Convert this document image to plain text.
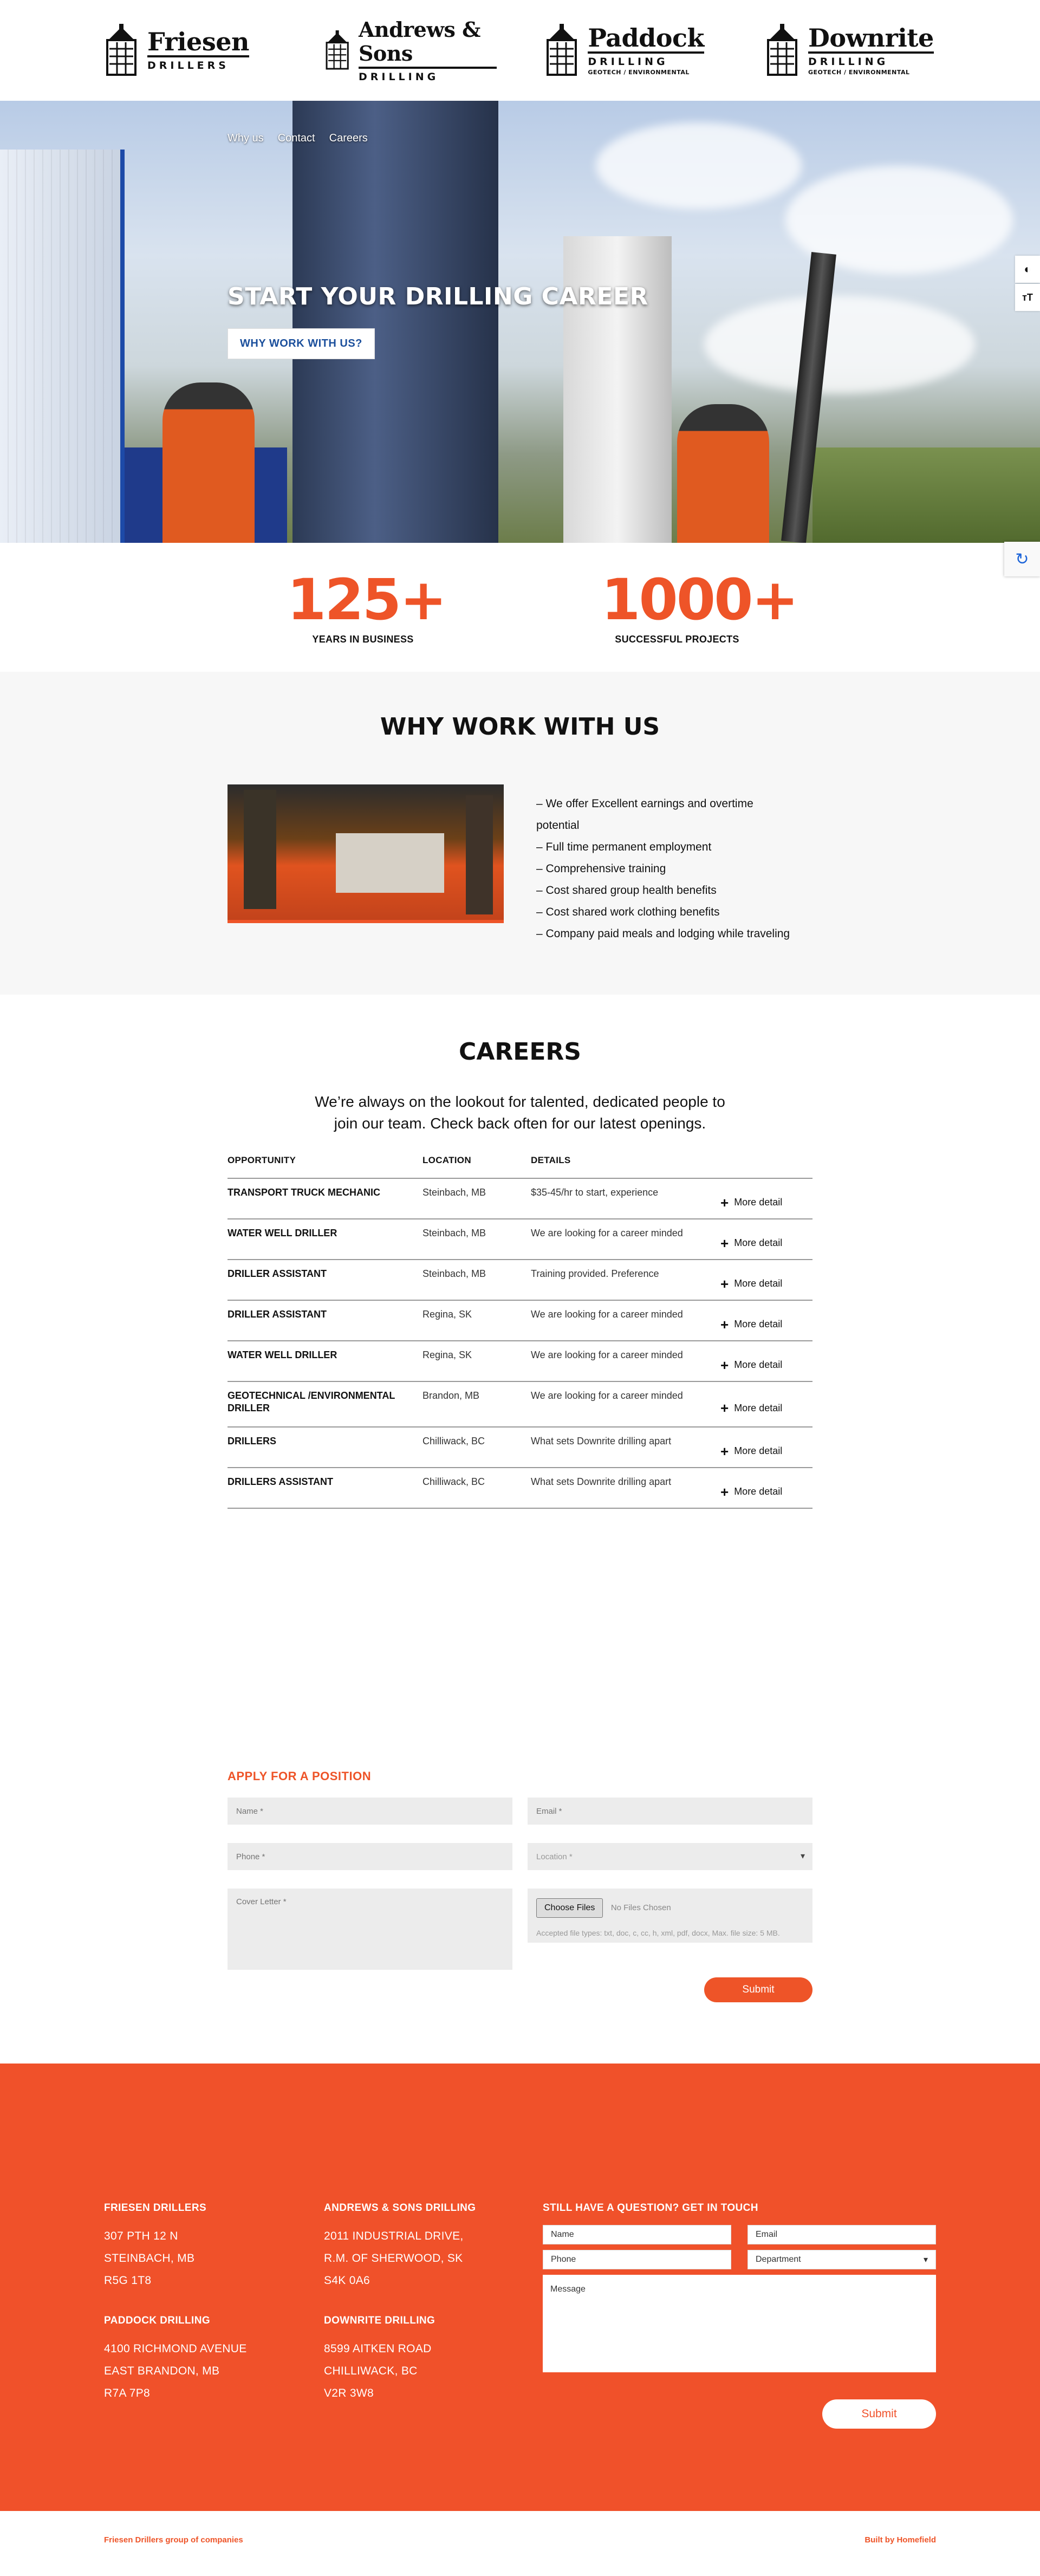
Friesen
DRILLERS
Andrews & Sons
DRILLING
Paddock
DRILLING
GEOTECH / ENVIRONMENTAL
Downrite
DRILLING
GEOTECH / ENVIRONMENTAL
Why us Contact Careers
START YOUR DRILLING CAREER
WHY WORK WITH US?
◐
ᴛT
↻
125+
YEARS IN BUSINESS
1000+
SUCCESSFUL PROJECTS
WHY WORK WITH US
– We offer Excellent earnings and overtime potential
– Full time permanent employment
– Comprehensive training
– Cost shared group health benefits
– Cost shared work clothing benefits
– Company paid meals and lodging while traveling
CAREERS

We’re always on the lookout for talented, dedicated people to join our team. Check back often for our latest openings.

OPPORTUNITY	LOCATION	DETAILS
TRANSPORT TRUCK MECHANIC	Steinbach, MB	$35-45/hr to start, experience
+ More detail
WATER WELL DRILLER	Steinbach, MB	We are looking for a career minded
+ More detail
DRILLER ASSISTANT	Steinbach, MB	Training provided. Preference
+ More detail
DRILLER ASSISTANT	Regina, SK	We are looking for a career minded
+ More detail
WATER WELL DRILLER	Regina, SK	We are looking for a career minded
+ More detail
GEOTECHNICAL /ENVIRONMENTAL DRILLER
Brandon, MB	We are looking for a career minded
+ More detail
DRILLERS	Chilliwack, BC	What sets Downrite drilling apart
+ More detail
DRILLERS ASSISTANT	Chilliwack, BC	What sets Downrite drilling apart
+ More detail
APPLY FOR A POSITION
Name *
Email *
Phone *
Location *
▾
Cover Letter *
Choose Files No Files Chosen
Accepted file types: txt, doc, c, cc, h, xml, pdf, docx, Max. file size: 5 MB.
Submit
FRIESEN DRILLERS
307 PTH 12 N
STEINBACH, MB
R5G 1T8
ANDREWS & SONS DRILLING
2011 INDUSTRIAL DRIVE,
R.M. OF SHERWOOD, SK
S4K 0A6
PADDOCK DRILLING
4100 RICHMOND AVENUE
EAST BRANDON, MB
R7A 7P8
DOWNRITE DRILLING
8599 AITKEN ROAD
CHILLIWACK, BC
V2R 3W8
STILL HAVE A QUESTION? GET IN TOUCH
Name	Email
Phone	Department	▾
Message
Submit
Friesen Drillers group of companies	Built by Homefield
